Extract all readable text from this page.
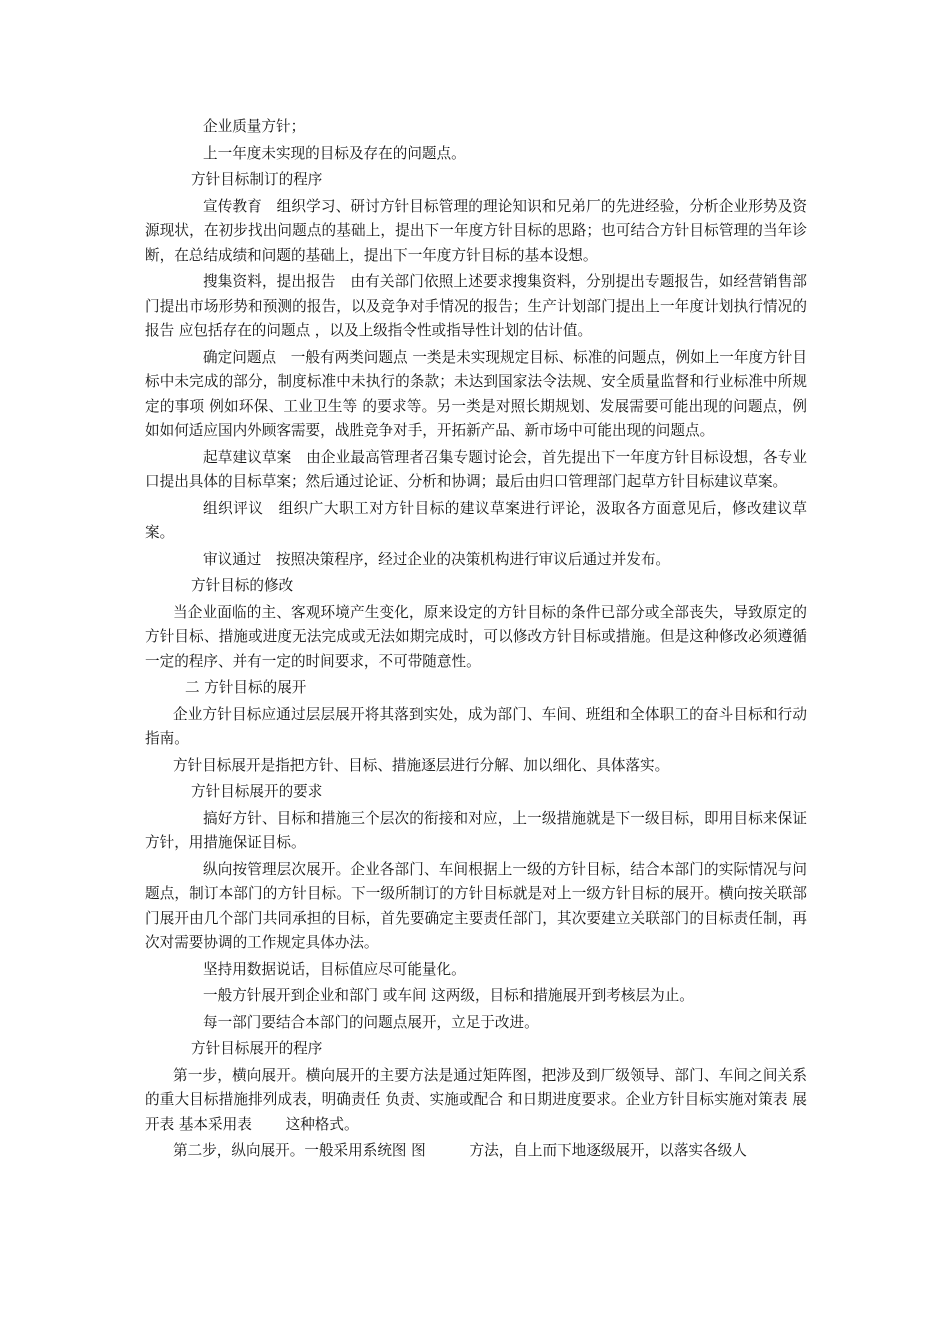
企业质量方针；

上一年度未实现的目标及存在的问题点。

方针目标制订的程序

宣传教育　组织学习、研讨方针目标管理的理论知识和兄弟厂的先进经验，分析企业形势及资源现状，在初步找出问题点的基础上，提出下一年度方针目标的思路；也可结合方针目标管理的当年诊断，在总结成绩和问题的基础上，提出下一年度方针目标的基本设想。

搜集资料，提出报告　由有关部门依照上述要求搜集资料，分别提出专题报告，如经营销售部门提出市场形势和预测的报告，以及竞争对手情况的报告；生产计划部门提出上一年度计划执行情况的报告 应包括存在的问题点 ，以及上级指令性或指导性计划的估计值。

确定问题点　一般有两类问题点 一类是未实现规定目标、标准的问题点，例如上一年度方针目标中未完成的部分，制度标准中未执行的条款；未达到国家法令法规、安全质量监督和行业标准中所规定的事项 例如环保、工业卫生等 的要求等。另一类是对照长期规划、发展需要可能出现的问题点，例如如何适应国内外顾客需要，战胜竞争对手，开拓新产品、新市场中可能出现的问题点。

起草建议草案　由企业最高管理者召集专题讨论会，首先提出下一年度方针目标设想，各专业口提出具体的目标草案；然后通过论证、分析和协调；最后由归口管理部门起草方针目标建议草案。

组织评议　组织广大职工对方针目标的建议草案进行评论，汲取各方面意见后，修改建议草案。

审议通过　按照决策程序，经过企业的决策机构进行审议后通过并发布。

方针目标的修改

当企业面临的主、客观环境产生变化，原来设定的方针目标的条件已部分或全部丧失，导致原定的方针目标、措施或进度无法完成或无法如期完成时，可以修改方针目标或措施。但是这种修改必须遵循一定的程序、并有一定的时间要求，不可带随意性。

二 方针目标的展开

企业方针目标应通过层层展开将其落到实处，成为部门、车间、班组和全体职工的奋斗目标和行动指南。

方针目标展开是指把方针、目标、措施逐层进行分解、加以细化、具体落实。

方针目标展开的要求

搞好方针、目标和措施三个层次的衔接和对应，上一级措施就是下一级目标，即用目标来保证方针，用措施保证目标。

纵向按管理层次展开。企业各部门、车间根据上一级的方针目标，结合本部门的实际情况与问题点，制订本部门的方针目标。下一级所制订的方针目标就是对上一级方针目标的展开。横向按关联部门展开由几个部门共同承担的目标，首先要确定主要责任部门，其次要建立关联部门的目标责任制，再次对需要协调的工作规定具体办法。

坚持用数据说话，目标值应尽可能量化。

一般方针展开到企业和部门 或车间 这两级，目标和措施展开到考核层为止。

每一部门要结合本部门的问题点展开，立足于改进。

方针目标展开的程序

第一步，横向展开。横向展开的主要方法是通过矩阵图，把涉及到厂级领导、部门、车间之间关系的重大目标措施排列成表，明确责任 负责、实施或配合 和日期进度要求。企业方针目标实施对策表 展开表 基本采用表　　 这种格式。

第二步，纵向展开。一般采用系统图 图　　　方法，自上而下地逐级展开，以落实各级人
